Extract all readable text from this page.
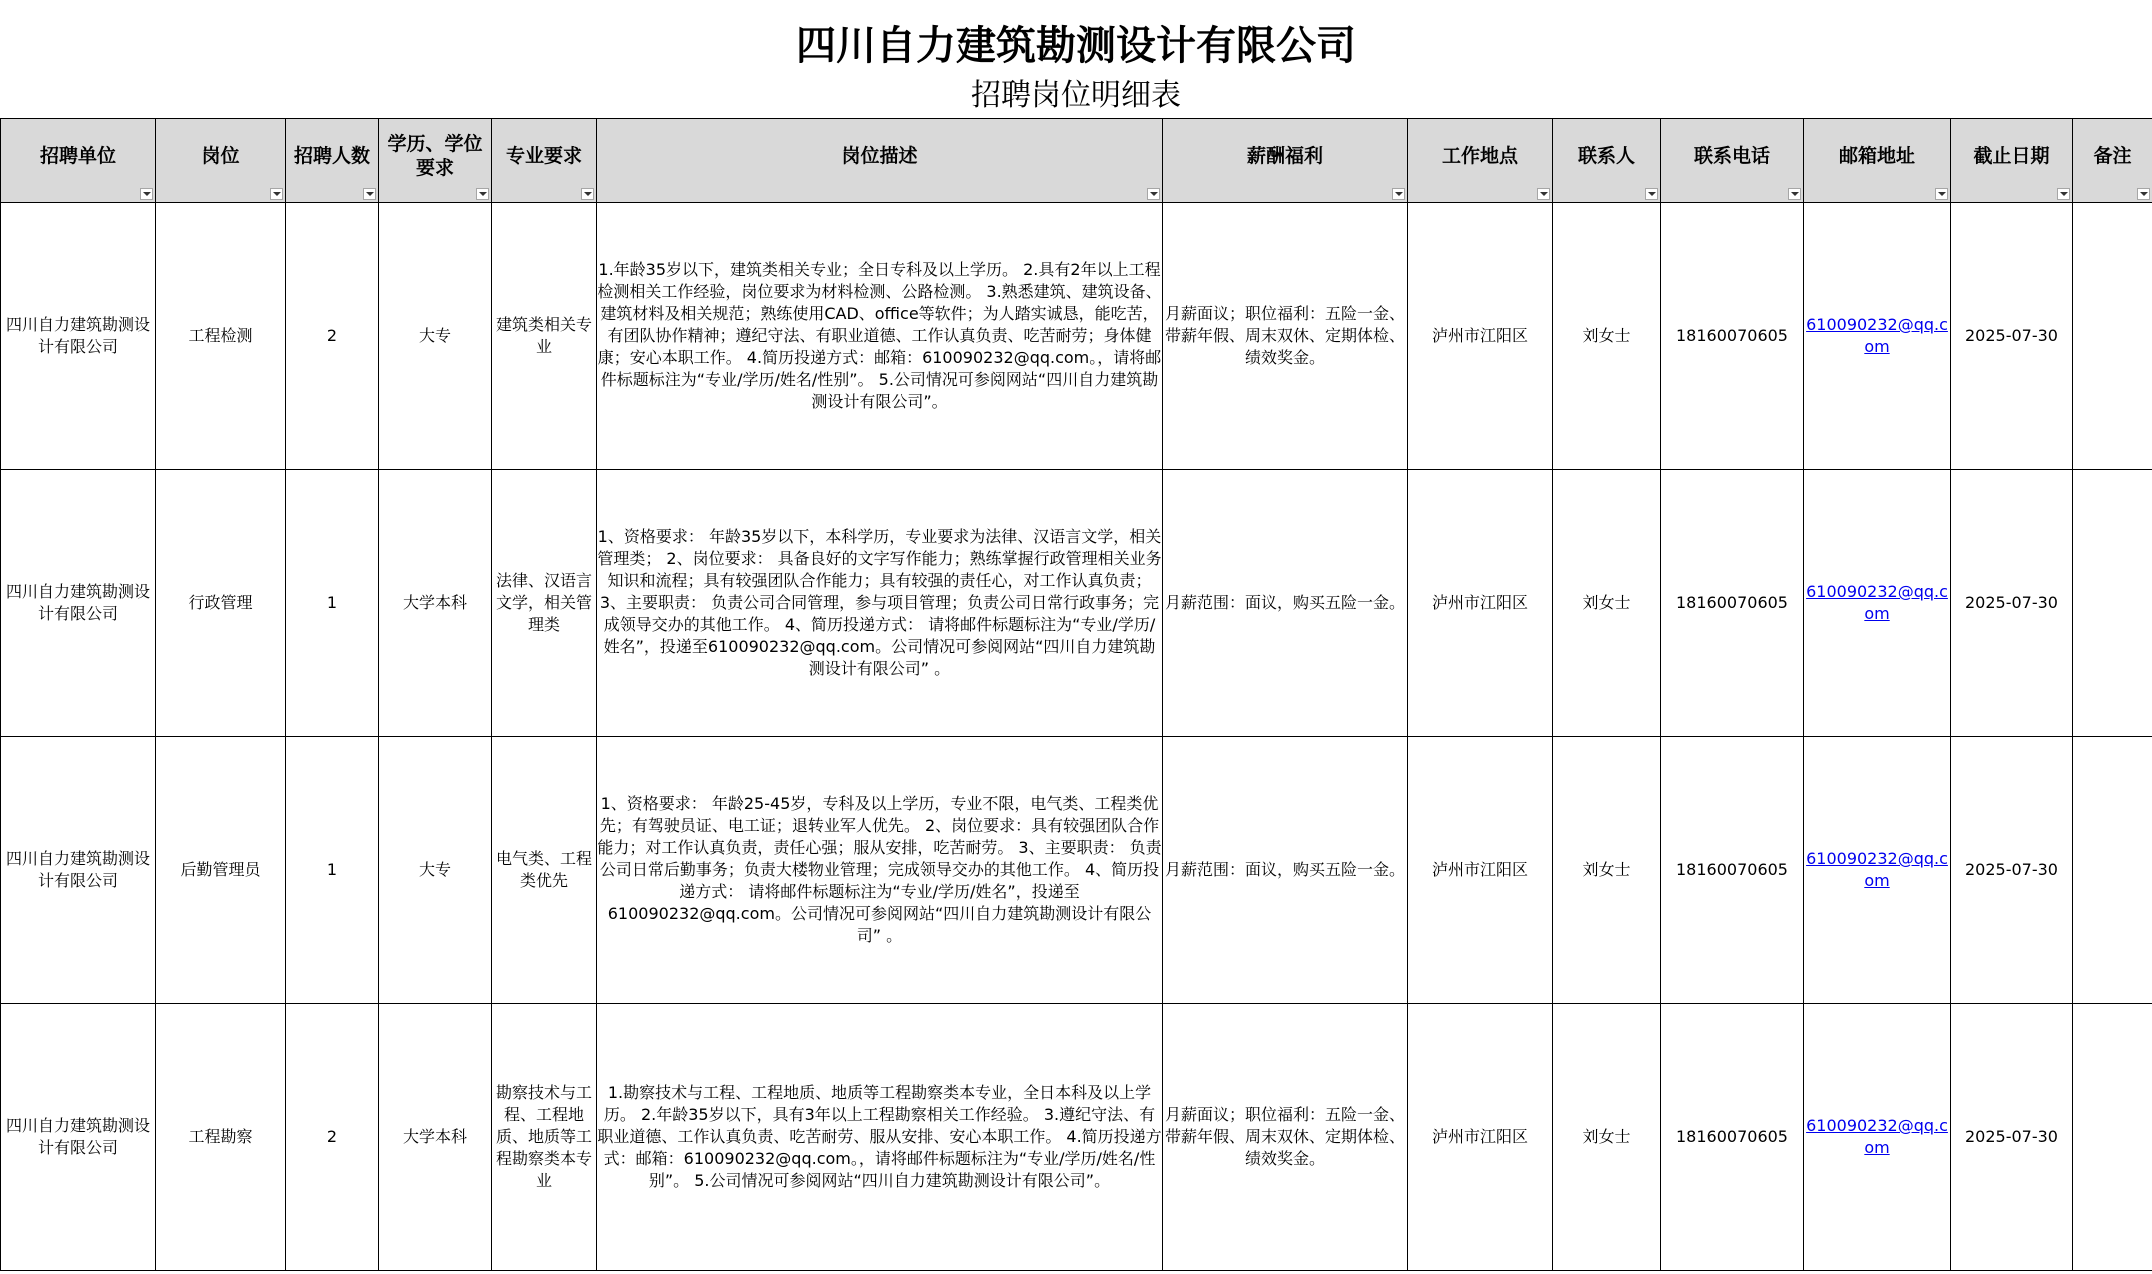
四川自力建筑勘测设计有限公司
招聘岗位明细表
招聘单位	岗位	招聘人数	学历、学位要求	专业要求	岗位描述	薪酬福利	工作地点	联系人	联系电话	邮箱地址	截止日期	备注

四川自力建筑勘测设计有限公司	工程检测	2	大专	建筑类相关专业	1.年龄35岁以下，建筑类相关专业；全日专科及以上学历。 2.具有2年以上工程检测相关工作经验，岗位要求为材料检测、公路检测。 3.熟悉建筑、建筑设备、建筑材料及相关规范；熟练使用CAD、office等软件；为人踏实诚恳，能吃苦，有团队协作精神；遵纪守法、有职业道德、工作认真负责、吃苦耐劳；身体健康；安心本职工作。 4.简历投递方式：邮箱：610090232@qq.com。，请将邮件标题标注为“专业/学历/姓名/性别”。 5.公司情况可参阅网站“四川自力建筑勘测设计有限公司”。	月薪面议；职位福利：五险一金、带薪年假、周末双休、定期体检、绩效奖金。	泸州市江阳区	刘女士	18160070605	610090232@qq.com	2025-07-30	
四川自力建筑勘测设计有限公司	行政管理	1	大学本科	法律、汉语言文学，相关管理类	1、资格要求： 年龄35岁以下，本科学历，专业要求为法律、汉语言文学，相关管理类； 2、岗位要求： 具备良好的文字写作能力；熟练掌握行政管理相关业务知识和流程；具有较强团队合作能力；具有较强的责任心，对工作认真负责； 3、主要职责： 负责公司合同管理，参与项目管理；负责公司日常行政事务；完成领导交办的其他工作。 4、简历投递方式： 请将邮件标题标注为“专业/学历/姓名”，投递至610090232@qq.com。公司情况可参阅网站“四川自力建筑勘测设计有限公司” 。	月薪范围：面议，购买五险一金。	泸州市江阳区	刘女士	18160070605	610090232@qq.com	2025-07-30	
四川自力建筑勘测设计有限公司	后勤管理员	1	大专	电气类、工程类优先	1、资格要求： 年龄25-45岁，专科及以上学历，专业不限，电气类、工程类优先；有驾驶员证、电工证；退转业军人优先。 2、岗位要求：具有较强团队合作能力；对工作认真负责，责任心强；服从安排，吃苦耐劳。 3、主要职责： 负责公司日常后勤事务；负责大楼物业管理；完成领导交办的其他工作。 4、简历投递方式： 请将邮件标题标注为“专业/学历/姓名”，投递至610090232@qq.com。公司情况可参阅网站“四川自力建筑勘测设计有限公司” 。	月薪范围：面议，购买五险一金。	泸州市江阳区	刘女士	18160070605	610090232@qq.com	2025-07-30	
四川自力建筑勘测设计有限公司	工程勘察	2	大学本科	勘察技术与工程、工程地质、地质等工程勘察类本专业	1.勘察技术与工程、工程地质、地质等工程勘察类本专业，全日本科及以上学历。 2.年龄35岁以下，具有3年以上工程勘察相关工作经验。 3.遵纪守法、有职业道德、工作认真负责、吃苦耐劳、服从安排、安心本职工作。 4.简历投递方式：邮箱：610090232@qq.com。，请将邮件标题标注为“专业/学历/姓名/性别”。 5.公司情况可参阅网站“四川自力建筑勘测设计有限公司”。	月薪面议；职位福利：五险一金、带薪年假、周末双休、定期体检、绩效奖金。	泸州市江阳区	刘女士	18160070605	610090232@qq.com	2025-07-30	
